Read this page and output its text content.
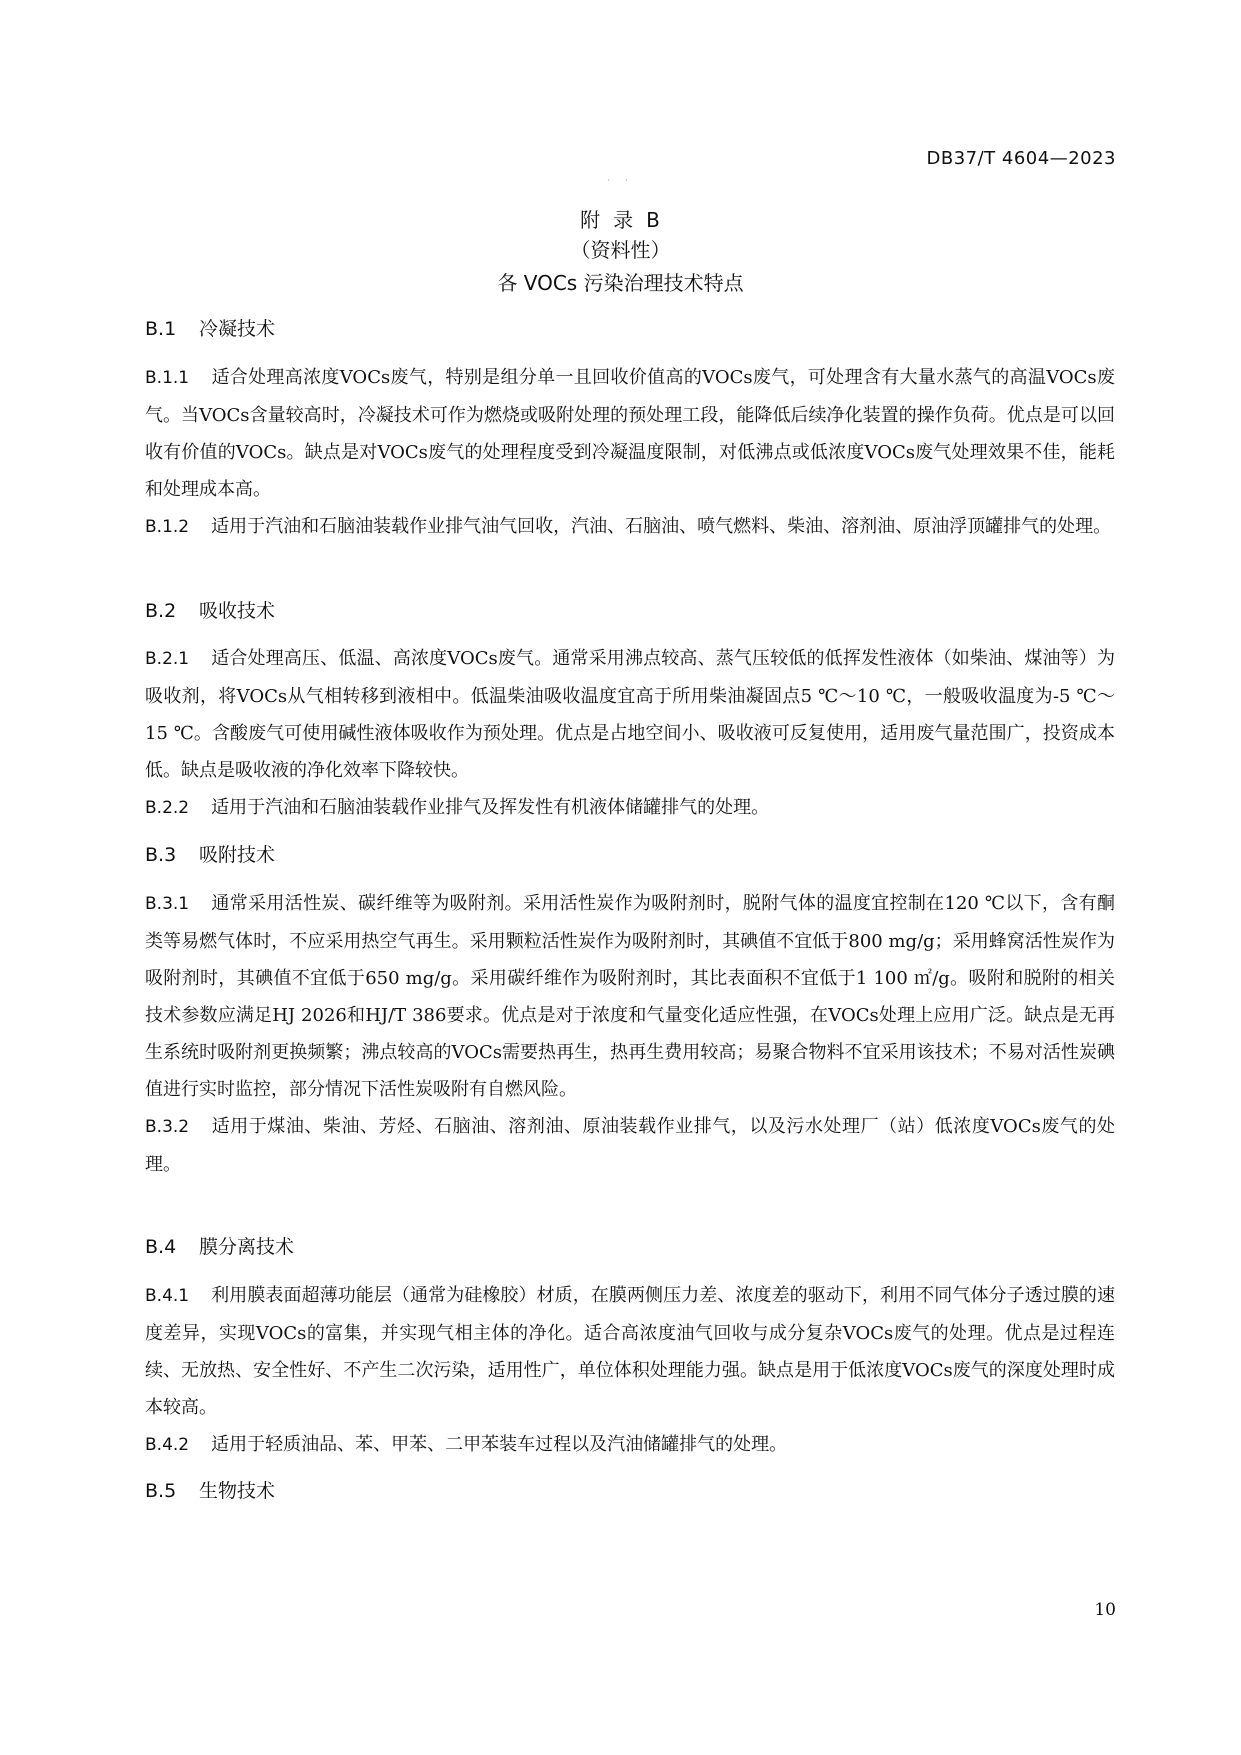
DB37/T 4604—2023
· ·
附 录 B
（资料性）
各 VOCs 污染治理技术特点
B.1 冷凝技术

B.1.1 适合处理高浓度VOCs废气，特别是组分单一且回收价值高的VOCs废气，可处理含有大量水蒸气的高温VOCs废气。当VOCs含量较高时，冷凝技术可作为燃烧或吸附处理的预处理工段，能降低后续净化装置的操作负荷。优点是可以回收有价值的VOCs。缺点是对VOCs废气的处理程度受到冷凝温度限制，对低沸点或低浓度VOCs废气处理效果不佳，能耗和处理成本高。

B.1.2 适用于汽油和石脑油装载作业排气油气回收，汽油、石脑油、喷气燃料、柴油、溶剂油、原油浮顶罐排气的处理。

B.2 吸收技术

B.2.1 适合处理高压、低温、高浓度VOCs废气。通常采用沸点较高、蒸气压较低的低挥发性液体（如柴油、煤油等）为吸收剂，将VOCs从气相转移到液相中。低温柴油吸收温度宜高于所用柴油凝固点5 ℃～10 ℃，一般吸收温度为-5 ℃～15 ℃。含酸废气可使用碱性液体吸收作为预处理。优点是占地空间小、吸收液可反复使用，适用废气量范围广，投资成本低。缺点是吸收液的净化效率下降较快。

B.2.2 适用于汽油和石脑油装载作业排气及挥发性有机液体储罐排气的处理。

B.3 吸附技术

B.3.1 通常采用活性炭、碳纤维等为吸附剂。采用活性炭作为吸附剂时，脱附气体的温度宜控制在120 ℃以下，含有酮类等易燃气体时，不应采用热空气再生。采用颗粒活性炭作为吸附剂时，其碘值不宜低于800 mg/g；采用蜂窝活性炭作为吸附剂时，其碘值不宜低于650 mg/g。采用碳纤维作为吸附剂时，其比表面积不宜低于1 100 ㎡/g。吸附和脱附的相关技术参数应满足HJ 2026和HJ/T 386要求。优点是对于浓度和气量变化适应性强，在VOCs处理上应用广泛。缺点是无再生系统时吸附剂更换频繁；沸点较高的VOCs需要热再生，热再生费用较高；易聚合物料不宜采用该技术；不易对活性炭碘值进行实时监控，部分情况下活性炭吸附有自燃风险。

B.3.2 适用于煤油、柴油、芳烃、石脑油、溶剂油、原油装载作业排气，以及污水处理厂（站）低浓度VOCs废气的处理。

B.4 膜分离技术

B.4.1 利用膜表面超薄功能层（通常为硅橡胶）材质，在膜两侧压力差、浓度差的驱动下，利用不同气体分子透过膜的速度差异，实现VOCs的富集，并实现气相主体的净化。适合高浓度油气回收与成分复杂VOCs废气的处理。优点是过程连续、无放热、安全性好、不产生二次污染，适用性广，单位体积处理能力强。缺点是用于低浓度VOCs废气的深度处理时成本较高。

B.4.2 适用于轻质油品、苯、甲苯、二甲苯装车过程以及汽油储罐排气的处理。

B.5 生物技术
10
